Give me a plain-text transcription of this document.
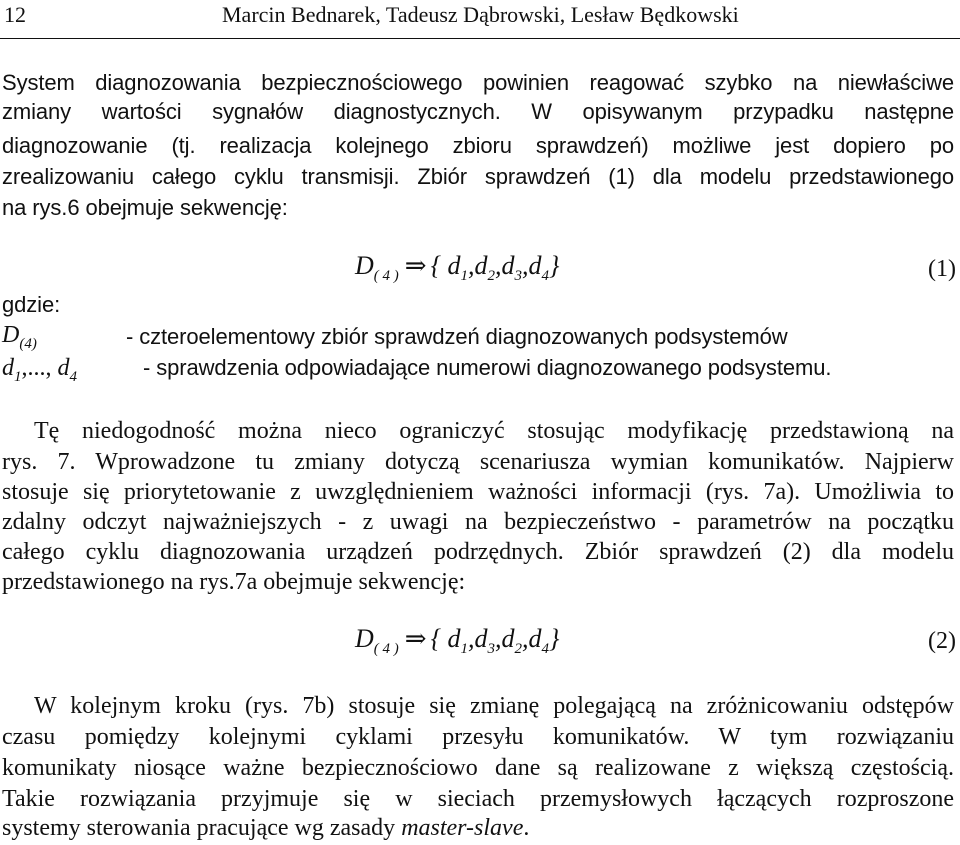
12	Marcin Bednarek, Tadeusz Dąbrowski, Lesław Będkowski

System diagnozowania bezpiecznościowego powinien reagować szybko na niewłaściwe

zmiany wartości sygnałów diagnostycznych. W opisywanym przypadku następne

diagnozowanie (tj. realizacja kolejnego zbioru sprawdzeń) możliwe jest dopiero po

zrealizowaniu całego cyklu transmisji. Zbiór sprawdzeń (1) dla modelu przedstawionego

na rys.6 obejmuje sekwencję:

$D_{( 4 )}$ ⇒ { $d_1,d_2,d_3,d_4$}	(1)

gdzie:

$D_{(4)}$	- czteroelementowy zbiór sprawdzeń diagnozowanych podsystemów

$d_1$,..., $d_4$	- sprawdzenia odpowiadające numerowi diagnozowanego podsystemu.

Tę niedogodność można nieco ograniczyć stosując modyfikację przedstawioną na

rys. 7. Wprowadzone tu zmiany dotyczą scenariusza wymian komunikatów. Najpierw

stosuje się priorytetowanie z uwzględnieniem ważności informacji (rys. 7a). Umożliwia to

zdalny odczyt najważniejszych - z uwagi na bezpieczeństwo - parametrów na początku

całego cyklu diagnozowania urządzeń podrzędnych. Zbiór sprawdzeń (2) dla modelu

przedstawionego na rys.7a obejmuje sekwencję:

$D_{( 4 )}$ ⇒ { $d_1,d_3,d_2,d_4$}	(2)

W kolejnym kroku (rys. 7b) stosuje się zmianę polegającą na zróżnicowaniu odstępów

czasu pomiędzy kolejnymi cyklami przesyłu komunikatów. W tym rozwiązaniu

komunikaty niosące ważne bezpiecznościowo dane są realizowane z większą częstością.

Takie rozwiązania przyjmuje się w sieciach przemysłowych łączących rozproszone

systemy sterowania pracujące wg zasady master-slave.
